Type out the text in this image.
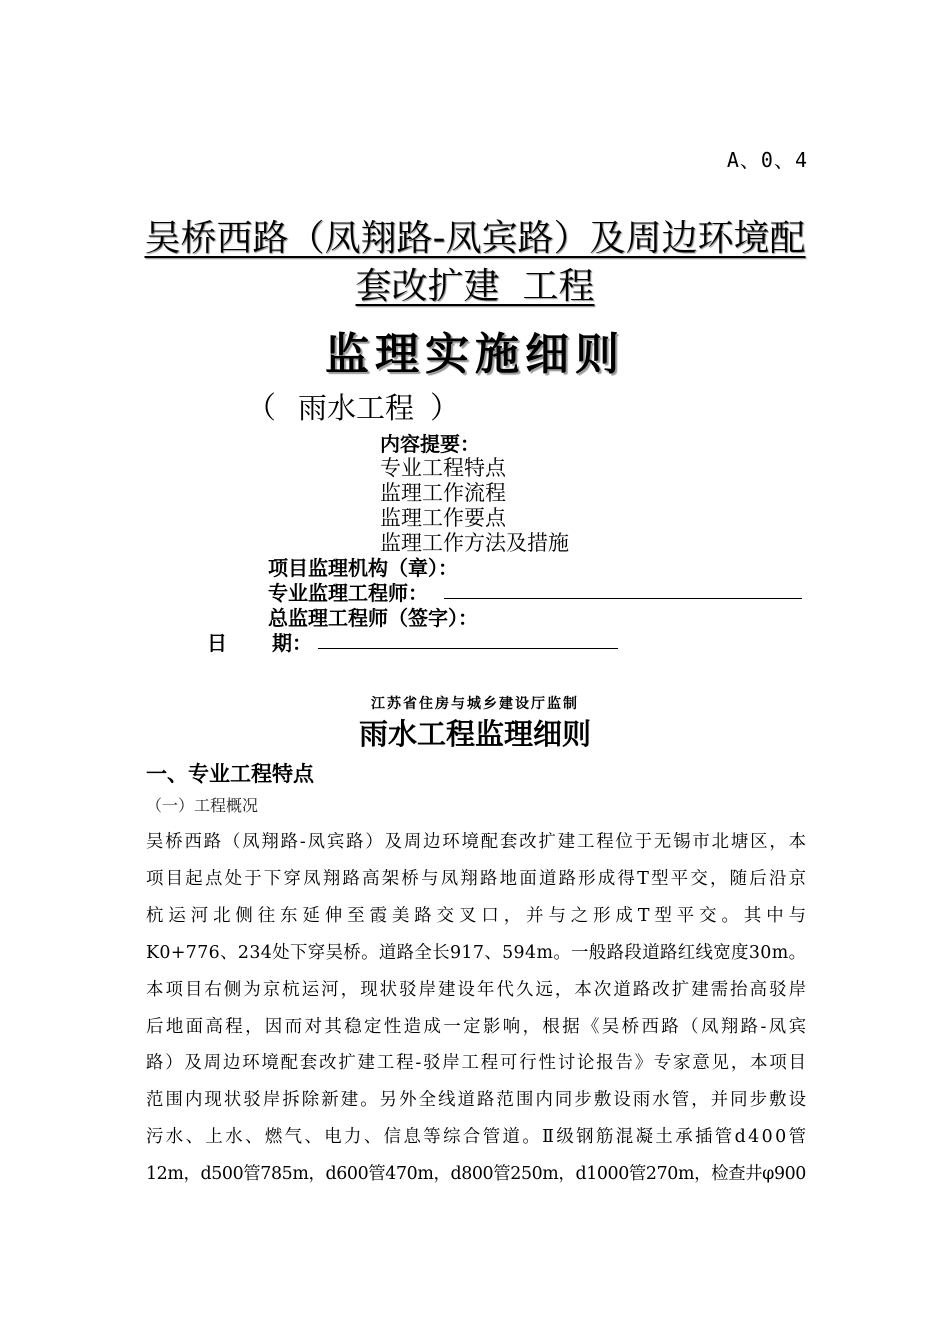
A、0、4
吴桥西路（凤翔路-凤宾路）及周边环境配
套改扩建  工程
监理实施细则
（ 雨水工程 ）
内容提要：
专业工程特点
监理工作流程
监理工作要点
监理工作方法及措施
项目监理机构（章）：
专业监理工程师：
总监理工程师（签字）：
日 期：
江苏省住房与城乡建设厅监制
雨水工程监理细则
一、专业工程特点
（一）工程概况
吴桥西路（凤翔路-凤宾路）及周边环境配套改扩建工程位于无锡市北塘区，本
项目起点处于下穿凤翔路高架桥与凤翔路地面道路形成得T型平交，随后沿京
杭运河北侧往东延伸至霞美路交叉口，并与之形成T型平交。其中与
K0+776、234处下穿吴桥。道路全长917、594m。一般路段道路红线宽度30m。
本项目右侧为京杭运河，现状驳岸建设年代久远，本次道路改扩建需抬高驳岸
后地面高程，因而对其稳定性造成一定影响，根据《吴桥西路（凤翔路-凤宾
路）及周边环境配套改扩建工程-驳岸工程可行性讨论报告》专家意见，本项目
范围内现状驳岸拆除新建。另外全线道路范围内同步敷设雨水管，并同步敷设
污水、上水、燃气、电力、信息等综合管道。Ⅱ级钢筋混凝土承插管d400管
12m，d500管785m，d600管470m，d800管250m，d1000管270m，检查井φ900
